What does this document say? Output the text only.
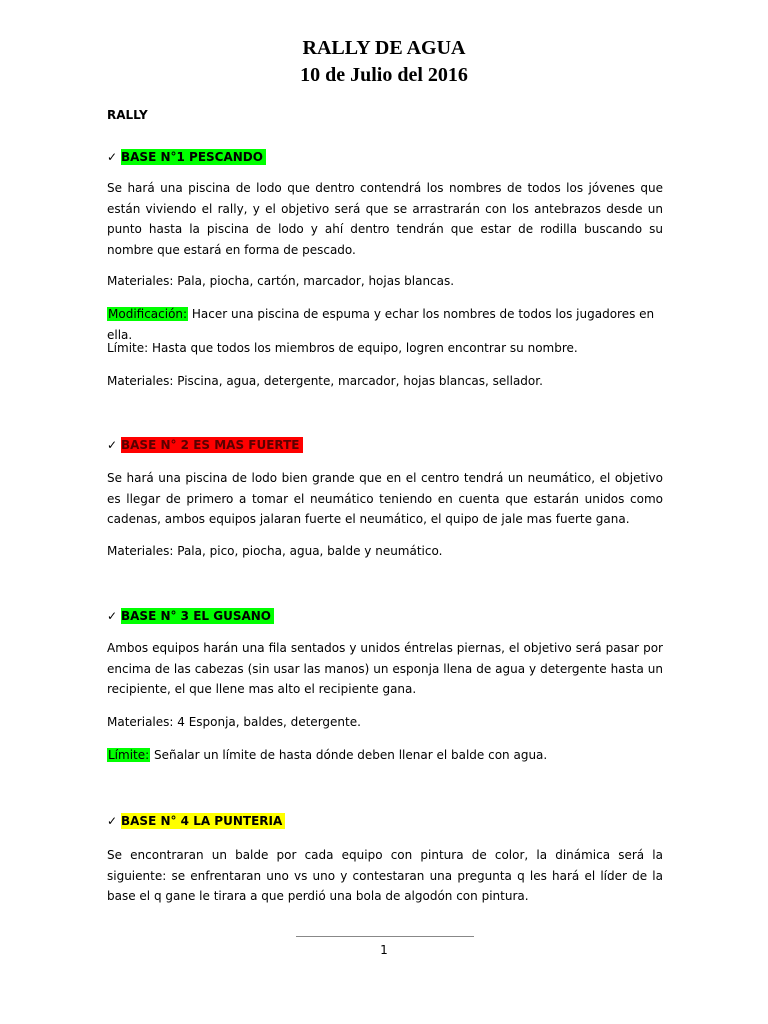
RALLY DE AGUA
10 de Julio del 2016
RALLY
✓ BASE N°1 PESCANDO
Se hará una piscina de lodo que dentro contendrá los nombres de todos los jóvenes que están viviendo el rally, y el objetivo será que se arrastrarán con los antebrazos desde un punto hasta la piscina de lodo y ahí dentro tendrán que estar de rodilla buscando su nombre que estará en forma de pescado.
Materiales: Pala, piocha, cartón, marcador, hojas blancas.
Modificación: Hacer una piscina de espuma y echar los nombres de todos los jugadores en ella.
Límite: Hasta que todos los miembros de equipo, logren encontrar su nombre.
Materiales: Piscina, agua, detergente, marcador, hojas blancas, sellador.
✓ BASE N° 2 ES MAS FUERTE
Se hará una piscina de lodo bien grande que en el centro tendrá un neumático, el objetivo es llegar de primero a tomar el neumático teniendo en cuenta que estarán unidos como cadenas, ambos equipos jalaran fuerte el neumático, el quipo de jale mas fuerte gana.
Materiales: Pala, pico, piocha, agua, balde y neumático.
✓ BASE N° 3 EL GUSANO
Ambos equipos harán una fila sentados y unidos éntrelas piernas, el objetivo será pasar por encima de las cabezas (sin usar las manos) un esponja llena de agua y detergente hasta un recipiente, el que llene mas alto el recipiente gana.
Materiales: 4 Esponja, baldes, detergente.
Límite: Señalar un límite de hasta dónde deben llenar el balde con agua.
✓ BASE N° 4 LA PUNTERIA
Se encontraran un balde por cada equipo con pintura de color, la dinámica será la siguiente: se enfrentaran uno vs uno y contestaran una pregunta q les hará el líder de la base el q gane le tirara a que perdió una bola de algodón con pintura.
1
